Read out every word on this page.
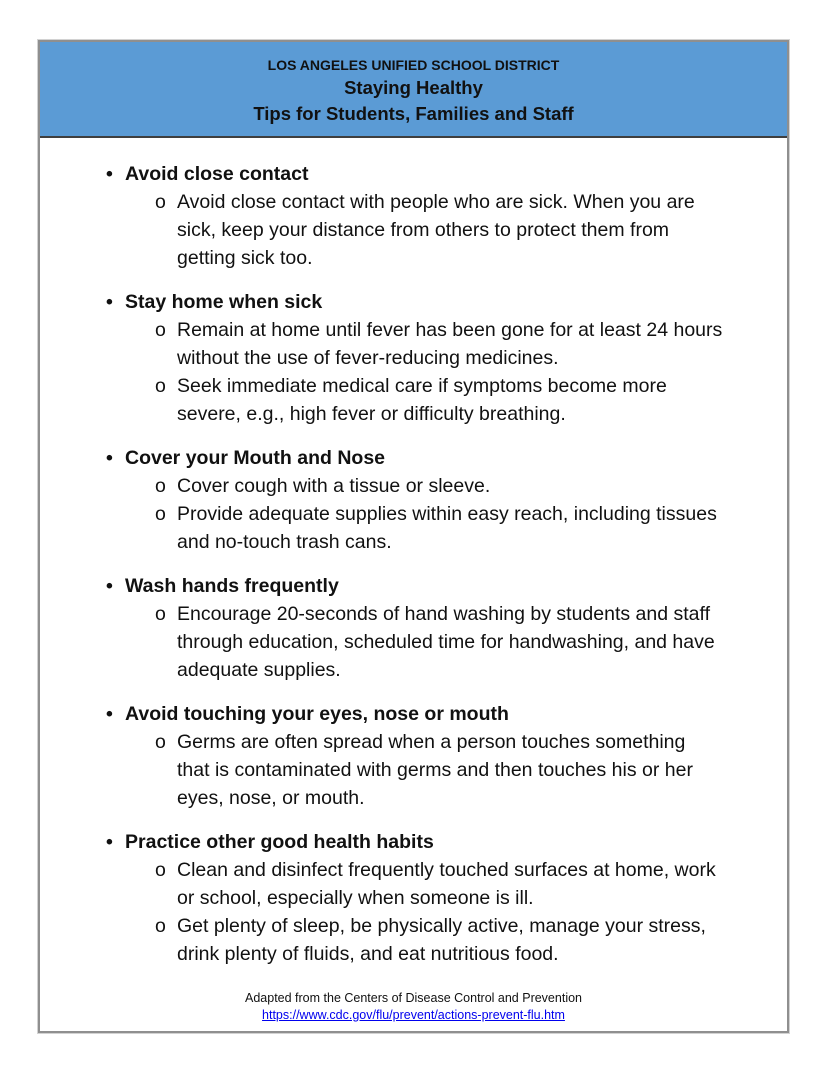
LOS ANGELES UNIFIED SCHOOL DISTRICT
Staying Healthy
Tips for Students, Families and Staff
• Avoid close contact
o Avoid close contact with people who are sick. When you are sick, keep your distance from others to protect them from getting sick too.
• Stay home when sick
o Remain at home until fever has been gone for at least 24 hours without the use of fever-reducing medicines.
o Seek immediate medical care if symptoms become more severe, e.g., high fever or difficulty breathing.
• Cover your Mouth and Nose
o Cover cough with a tissue or sleeve.
o Provide adequate supplies within easy reach, including tissues and no-touch trash cans.
• Wash hands frequently
o Encourage 20-seconds of hand washing by students and staff through education, scheduled time for handwashing, and have adequate supplies.
• Avoid touching your eyes, nose or mouth
o Germs are often spread when a person touches something that is contaminated with germs and then touches his or her eyes, nose, or mouth.
• Practice other good health habits
o Clean and disinfect frequently touched surfaces at home, work or school, especially when someone is ill.
o Get plenty of sleep, be physically active, manage your stress, drink plenty of fluids, and eat nutritious food.
Adapted from the Centers of Disease Control and Prevention
https://www.cdc.gov/flu/prevent/actions-prevent-flu.htm
